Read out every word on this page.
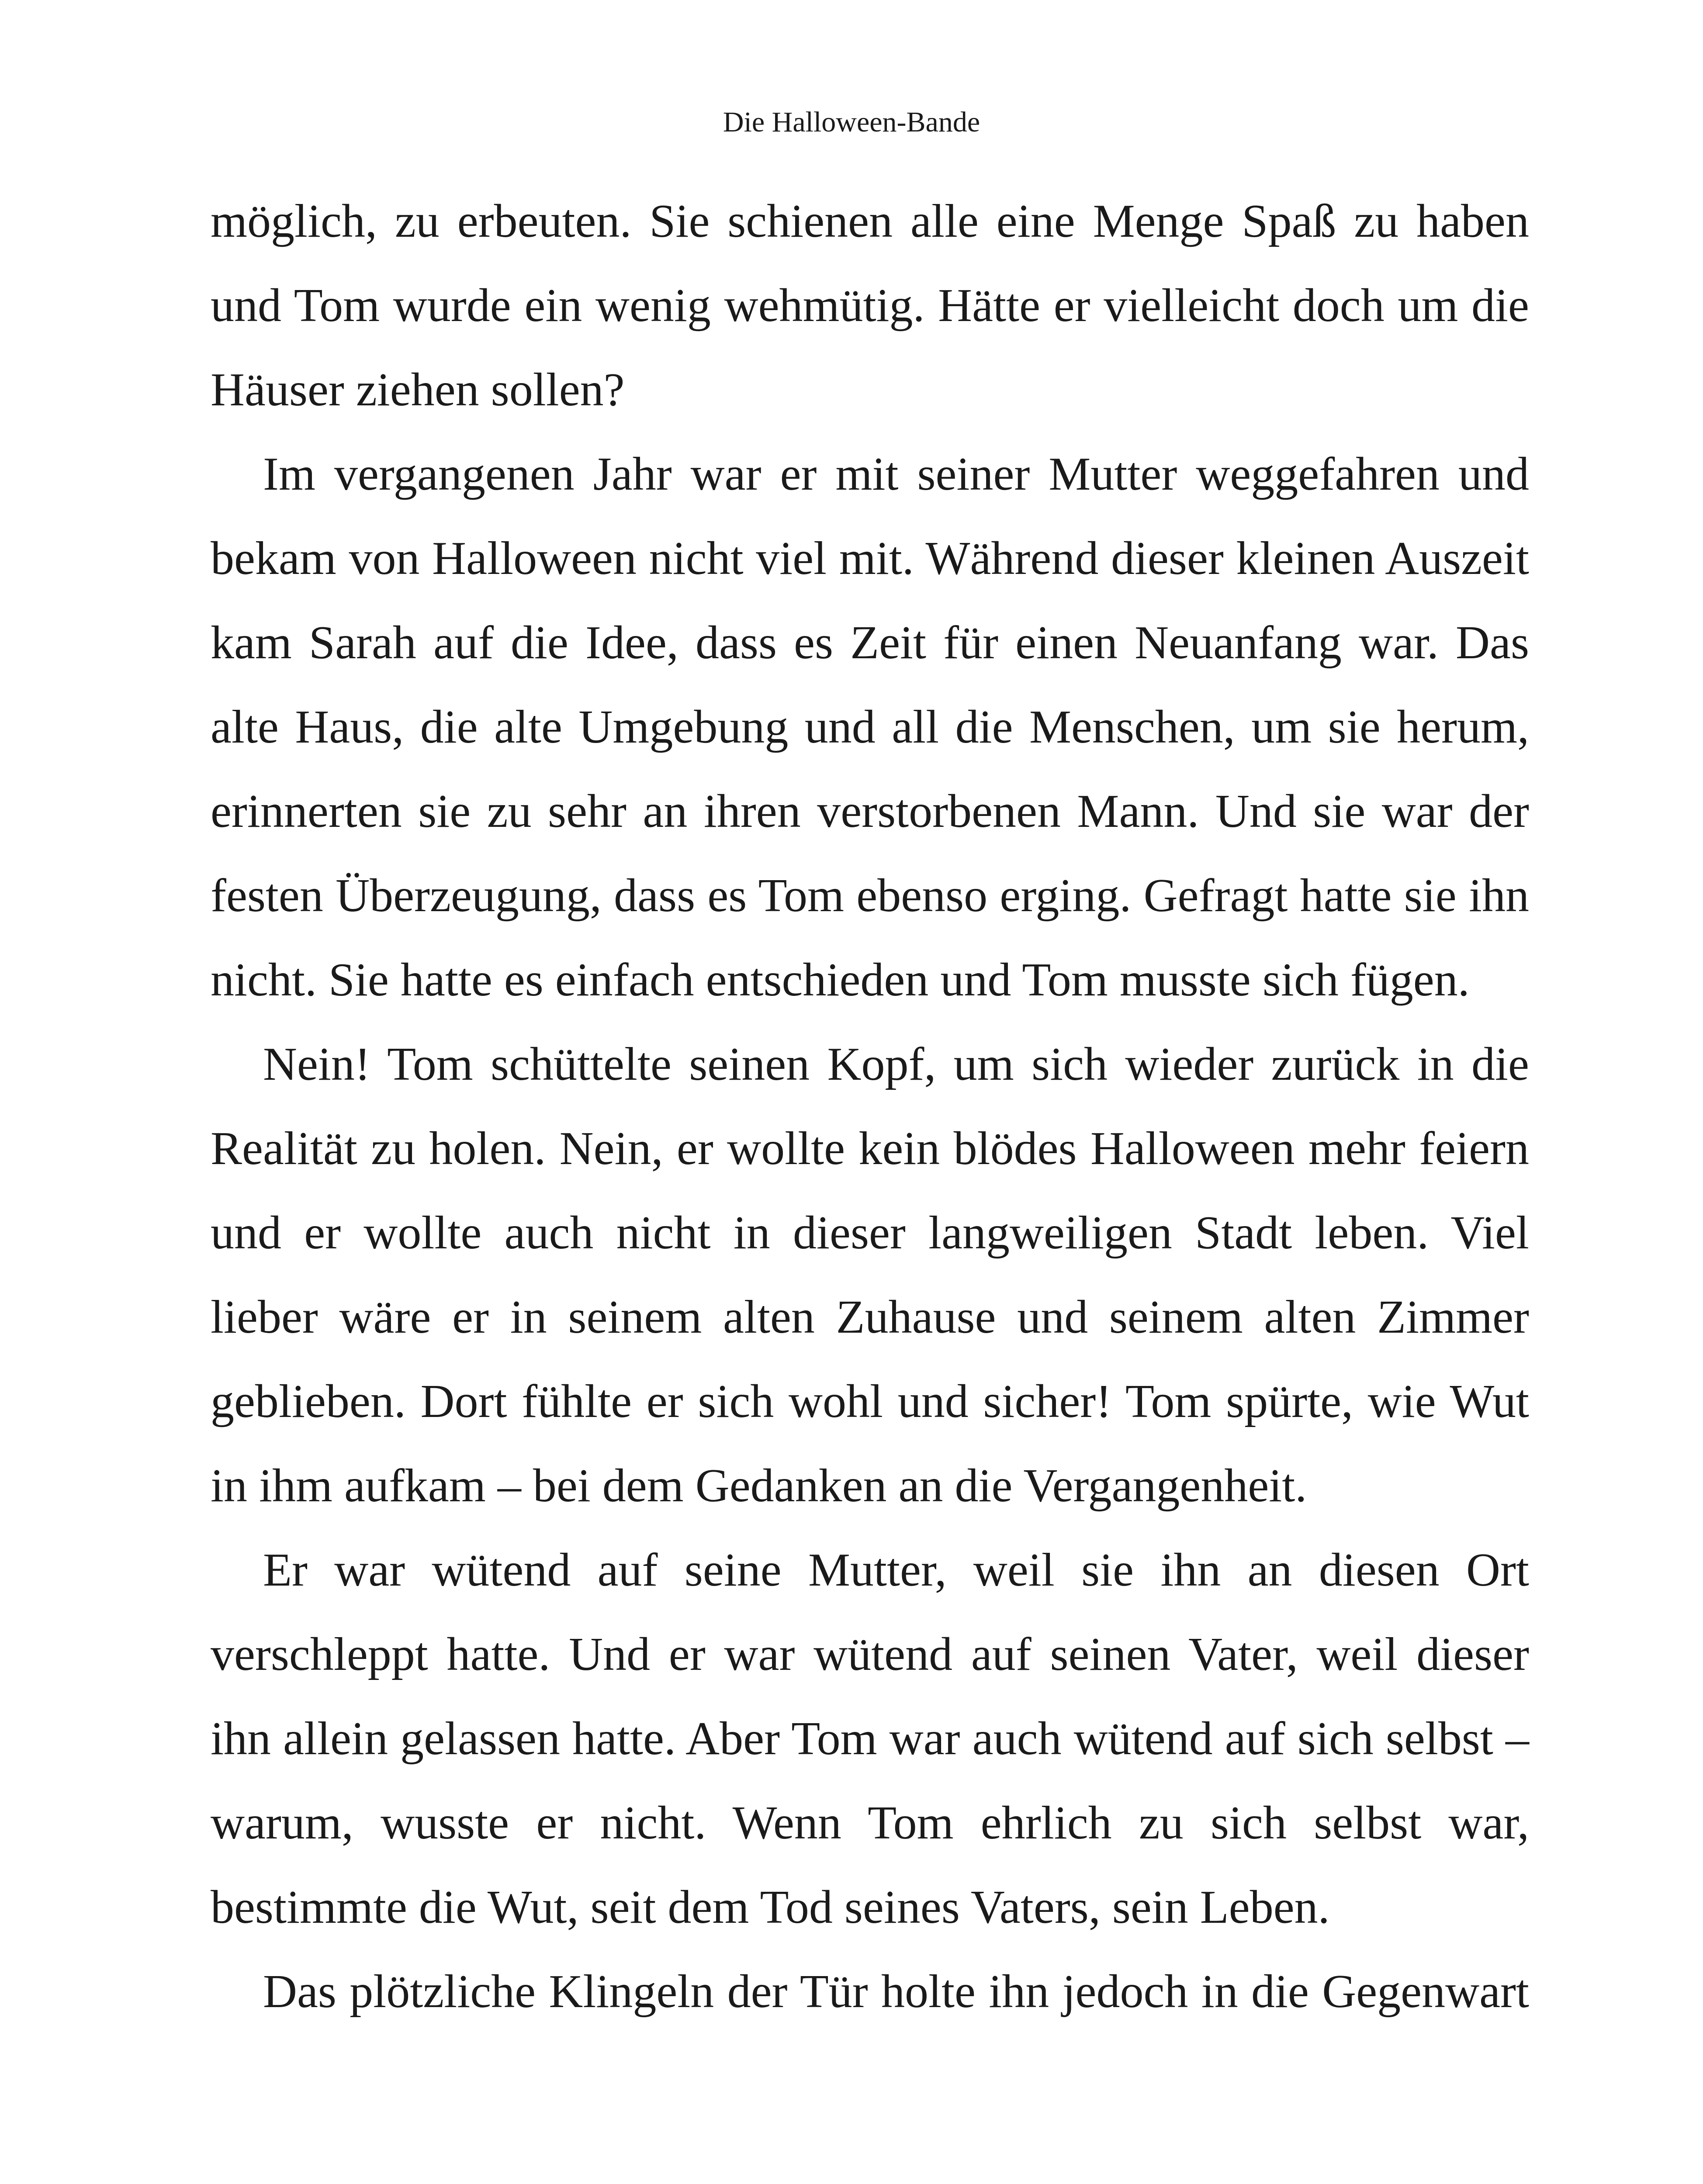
Die Halloween-Bande

möglich, zu erbeuten. Sie schienen alle eine Menge Spaß zu haben und Tom wurde ein wenig wehmütig. Hätte er vielleicht doch um die Häuser ziehen sollen?

Im vergangenen Jahr war er mit seiner Mutter weggefahren und bekam von Halloween nicht viel mit. Während dieser kleinen Auszeit kam Sarah auf die Idee, dass es Zeit für einen Neuanfang war. Das alte Haus, die alte Umgebung und all die Menschen, um sie herum, erinnerten sie zu sehr an ihren verstorbenen Mann. Und sie war der festen Überzeugung, dass es Tom ebenso erging. Gefragt hatte sie ihn nicht. Sie hatte es einfach entschieden und Tom musste sich fügen.

Nein! Tom schüttelte seinen Kopf, um sich wieder zurück in die Realität zu holen. Nein, er wollte kein blödes Halloween mehr feiern und er wollte auch nicht in dieser langweiligen Stadt leben. Viel lieber wäre er in seinem alten Zuhause und seinem alten Zimmer geblieben. Dort fühlte er sich wohl und sicher! Tom spürte, wie Wut in ihm aufkam – bei dem Gedanken an die Vergangenheit.

Er war wütend auf seine Mutter, weil sie ihn an diesen Ort verschleppt hatte. Und er war wütend auf seinen Vater, weil dieser ihn allein gelassen hatte. Aber Tom war auch wütend auf sich selbst – warum, wusste er nicht. Wenn Tom ehrlich zu sich selbst war, bestimmte die Wut, seit dem Tod seines Vaters, sein Leben.

Das plötzliche Klingeln der Tür holte ihn jedoch in die Gegenwart
